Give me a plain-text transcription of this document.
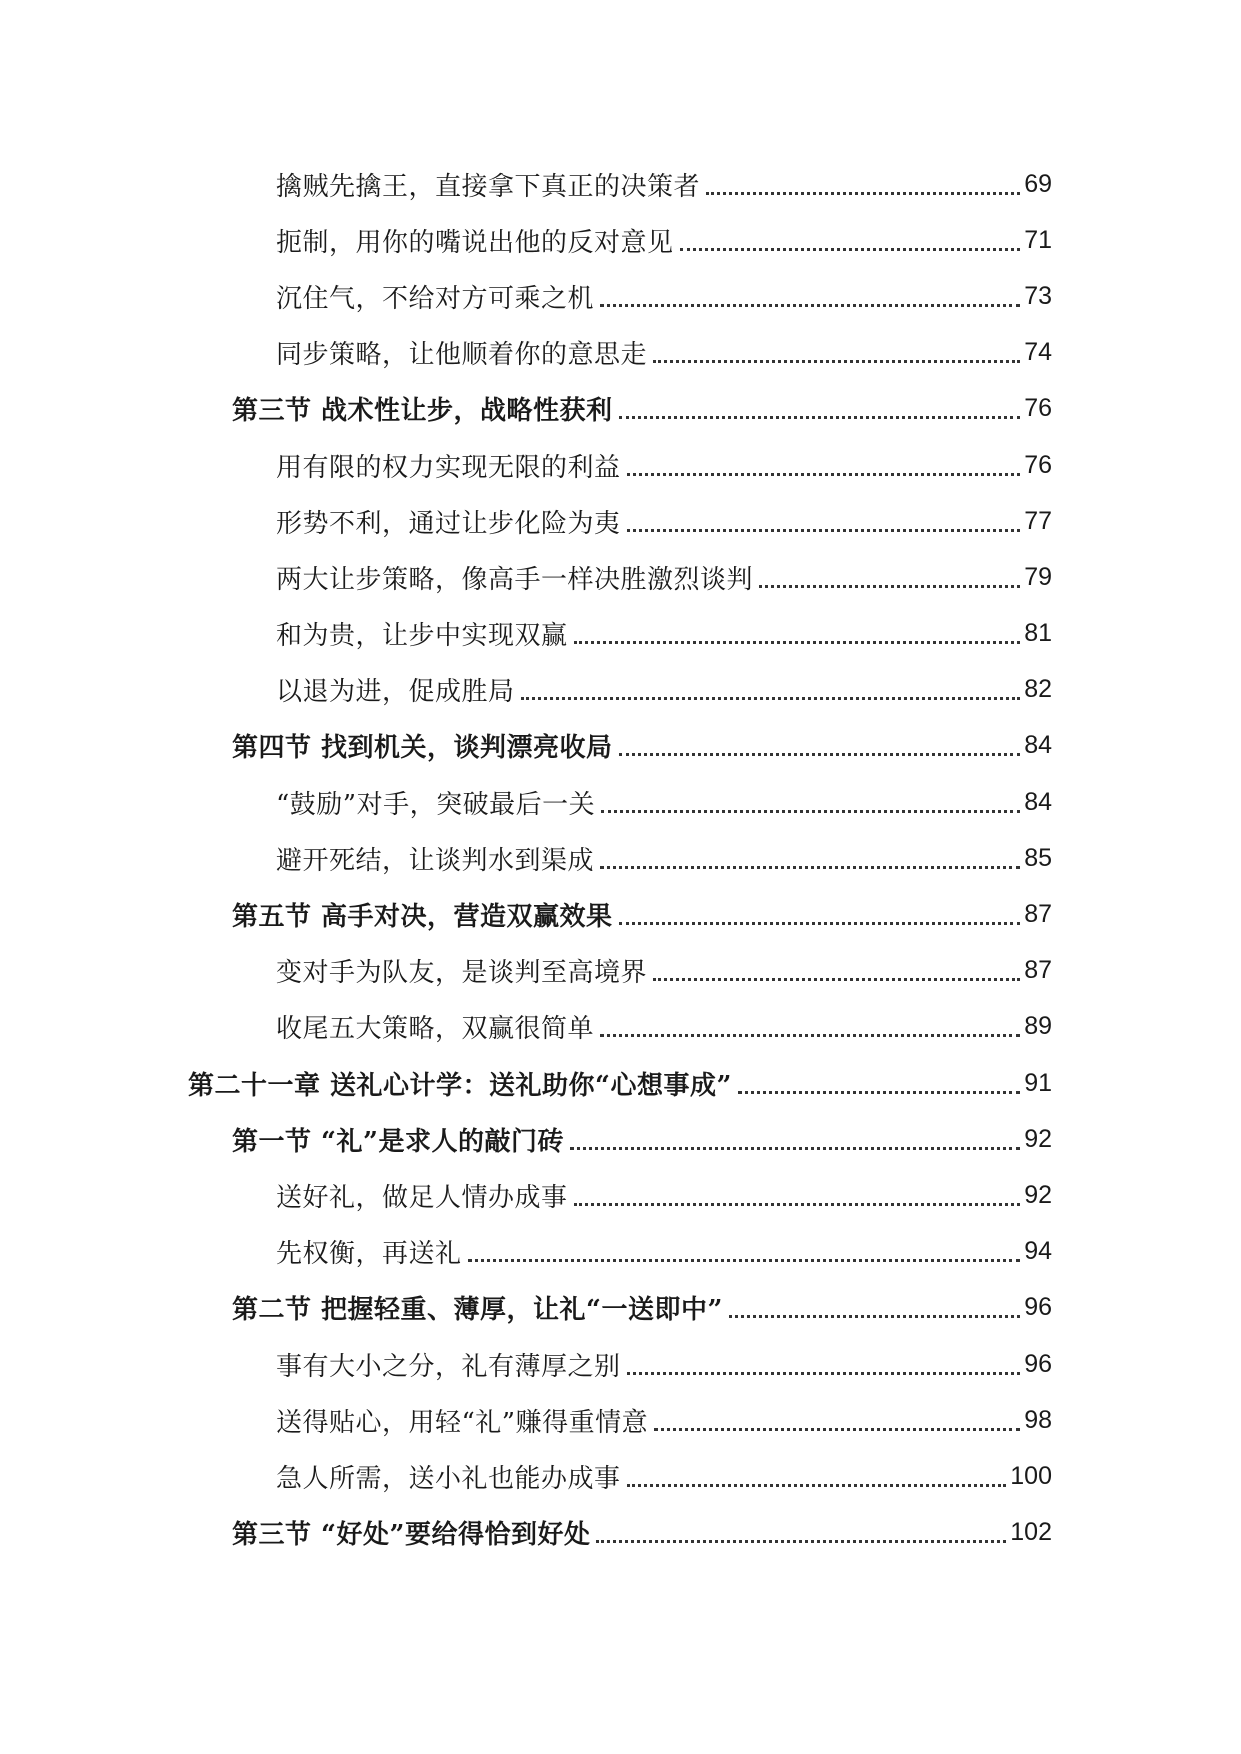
擒贼先擒王，直接拿下真正的决策者	69
扼制，用你的嘴说出他的反对意见	71
沉住气，不给对方可乘之机	73
同步策略，让他顺着你的意思走	74
第三节 战术性让步，战略性获利	76
用有限的权力实现无限的利益	76
形势不利，通过让步化险为夷	77
两大让步策略，像高手一样决胜激烈谈判	79
和为贵，让步中实现双赢	81
以退为进，促成胜局	82
第四节 找到机关，谈判漂亮收局	84
“鼓励”对手，突破最后一关	84
避开死结，让谈判水到渠成	85
第五节 高手对决，营造双赢效果	87
变对手为队友，是谈判至高境界	87
收尾五大策略，双赢很简单	89
第二十一章 送礼心计学：送礼助你“心想事成”	91
第一节 “礼”是求人的敲门砖	92
送好礼，做足人情办成事	92
先权衡，再送礼	94
第二节 把握轻重、薄厚，让礼“一送即中”	96
事有大小之分，礼有薄厚之别	96
送得贴心，用轻“礼”赚得重情意	98
急人所需，送小礼也能办成事	100
第三节 “好处”要给得恰到好处	102
